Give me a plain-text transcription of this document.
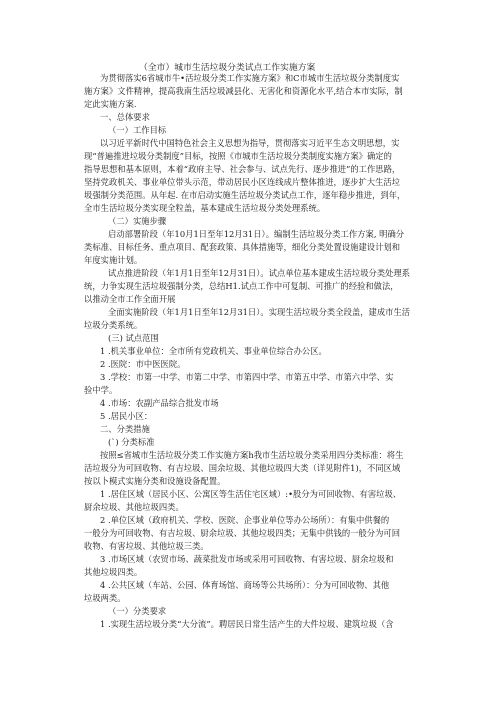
（全市）城市生活垃圾分类试点工作实施方案
为贯彻落实6省城市牛•活垃圾分类工作实施方案》和C市城市生活垃圾分类制度实
施方案》文件精神，提高我南生活垃圾减县化、无害化和资源化水平,结合本市实际，制
定此实施方案.
一、总体要求
（一）工作目标
以习近平新时代中国特色社会主义思想为指导，贯彻落实习近平生态文明思想，实
现“普遍推进垃圾分类制度”目标，按照《市城市生活垃圾分类制度实施方案》确定的
指导思想和基本原则，本着“政府主导、社会参与、试点先行、逐步推进”的工作思路，
坚持党政机关、事业单位带头示范，带动居民小区连线成片整体推进，逐步扩大生活垃
圾强制分类范围。从年起. 在市启动实施生活垃圾分类试点工作，逐年稳步推进，到年，
全市生活垃圾分类实现全粒盖，基本建成生活垃圾分类处理系统。
（二）实施步骤
启动部署阶段（年10月1日至年12月31日）。编制生活垃圾分类工作方案, 明确分
类标准、目标任务、重点项目、配套政策、具体措施等，细化分类处置设施建设计划和
年度实施计划。
试点推进阶段（年1月1日至年12月31日）。试点单位基本建成生活垃圾分类处理系
统，力争实现生活垃圾强制分类，总结H1.试点工作中可复制、可推广的经验和做法，
以推动全市工作全面开展
全面实施阶段（年1月1日至年12月31日）。实现生活垃圾分类全段盖，建成市生活
垃圾分类系统。
(三) 试点范围
1 .机关事业单位：全市所有党政机关、事业单位综合办公区。
2 .医院：市中医医院。
3 .学校：市第一中学、市第二中学、市第四中学、市第五中学、市第六中学、实
验中学。
4 .市场：农副产品综合批发市场
5 .居民小区：
二、分类措施
(`) 分类标准
按照≤省城市生活垃圾分类工作实施方案h我市生活垃圾分类采用四分类标准：将生
活垃圾分为可回收物、有吉垃圾、国余垃圾、其他垃圾四大类（详见附件1)，不同区域
按以卜模式实施分类和设施设备配置。
1 .居住区域（居民小区、公寓区等生活住宅区域）:•股分为可回收物、有害垃圾、
厨余垃圾、其他垃圾四类。
2 .单位区域（政府机关、学校、医院、企事业单位等办公场所）：有集中供餐的
一般分为可回收物、有吉垃圾、厨余垃圾、其他垃圾四类；无集中供钱的一般分为可回
收物、有害垃圾、其他垃圾三类。
3 .市场区域（农贸市场、蔬菜批发市场或采用可回收物、有害垃圾、厨余垃圾和
其他垃圾四类。
4 .公共区域（车站、公园、体育场馆、商场等公共场所）：分为可回收物、其他
垃圾两类。
（一）分类要求
1 .实现生活垃圾分类“大分流”。聘居民日常生活产生的大件垃圾、建筑垃圾（含
